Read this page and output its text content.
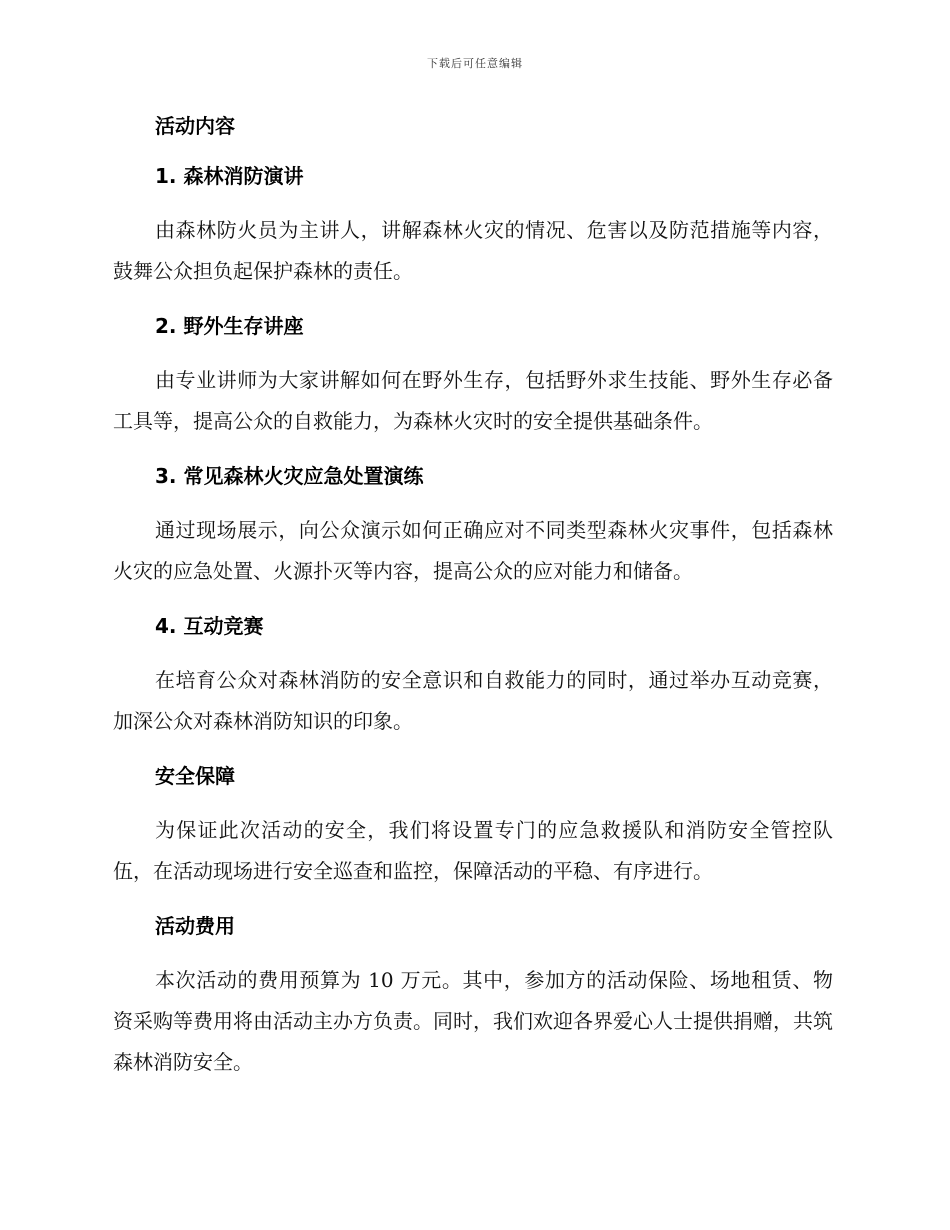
下载后可任意编辑
活动内容
1. 森林消防演讲

由森林防火员为主讲人，讲解森林火灾的情况、危害以及防范措施等内容，鼓舞公众担负起保护森林的责任。

2. 野外生存讲座

由专业讲师为大家讲解如何在野外生存，包括野外求生技能、野外生存必备工具等，提高公众的自救能力，为森林火灾时的安全提供基础条件。

3. 常见森林火灾应急处置演练

通过现场展示，向公众演示如何正确应对不同类型森林火灾事件，包括森林火灾的应急处置、火源扑灭等内容，提高公众的应对能力和储备。

4. 互动竞赛

在培育公众对森林消防的安全意识和自救能力的同时，通过举办互动竞赛，加深公众对森林消防知识的印象。

安全保障

为保证此次活动的安全，我们将设置专门的应急救援队和消防安全管控队伍，在活动现场进行安全巡查和监控，保障活动的平稳、有序进行。

活动费用

本次活动的费用预算为 10 万元。其中，参加方的活动保险、场地租赁、物资采购等费用将由活动主办方负责。同时，我们欢迎各界爱心人士提供捐赠，共筑森林消防安全。
